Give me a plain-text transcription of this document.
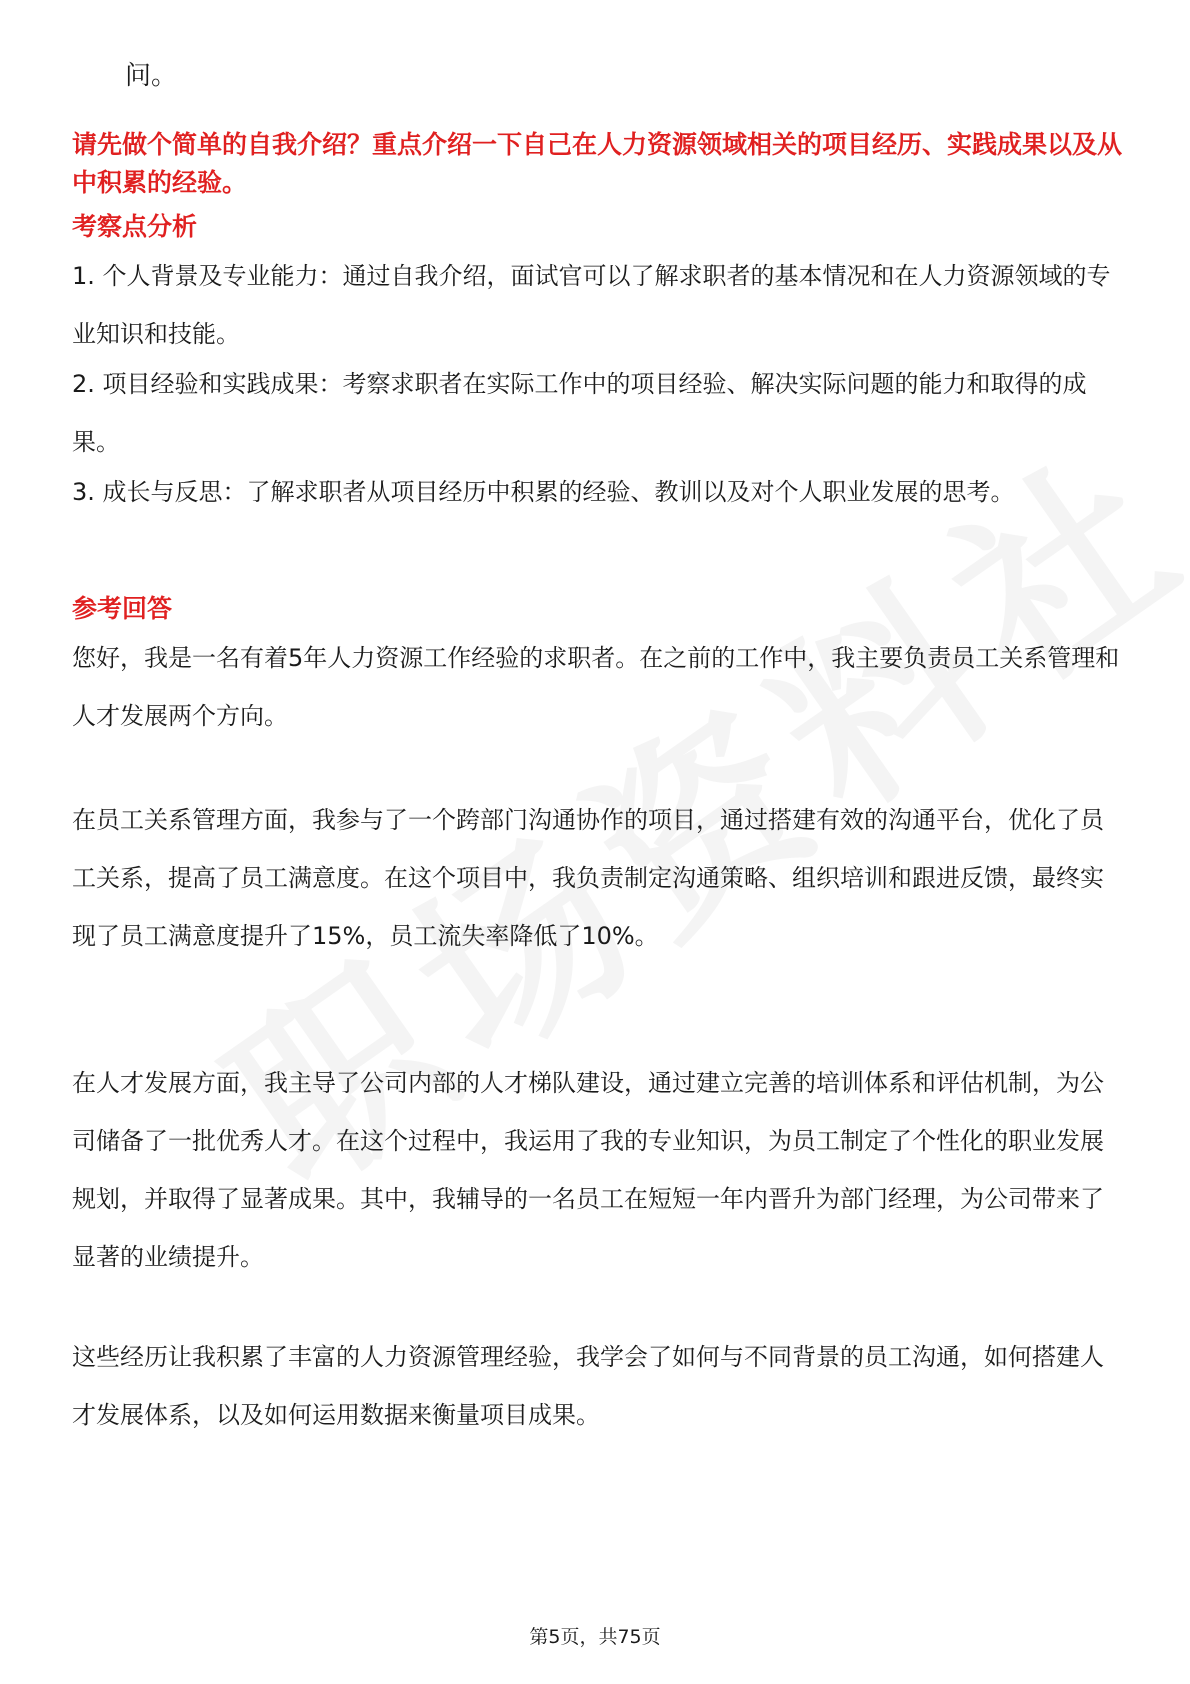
问。
请先做个简单的自我介绍？重点介绍一下自己在人力资源领域相关的项目经历、实践成果以及从中积累的经验。
考察点分析
1. 个人背景及专业能力：通过自我介绍，面试官可以了解求职者的基本情况和在人力资源领域的专业知识和技能。
2. 项目经验和实践成果：考察求职者在实际工作中的项目经验、解决实际问题的能力和取得的成果。
3. 成长与反思：了解求职者从项目经历中积累的经验、教训以及对个人职业发展的思考。
参考回答
您好，我是一名有着5年人力资源工作经验的求职者。在之前的工作中，我主要负责员工关系管理和人才发展两个方向。
在员工关系管理方面，我参与了一个跨部门沟通协作的项目，通过搭建有效的沟通平台，优化了员工关系，提高了员工满意度。在这个项目中，我负责制定沟通策略、组织培训和跟进反馈，最终实现了员工满意度提升了15%，员工流失率降低了10%。
在人才发展方面，我主导了公司内部的人才梯队建设，通过建立完善的培训体系和评估机制，为公司储备了一批优秀人才。在这个过程中，我运用了我的专业知识，为员工制定了个性化的职业发展规划，并取得了显著成果。其中，我辅导的一名员工在短短一年内晋升为部门经理，为公司带来了显著的业绩提升。
这些经历让我积累了丰富的人力资源管理经验，我学会了如何与不同背景的员工沟通，如何搭建人才发展体系，以及如何运用数据来衡量项目成果。
第5页，共75页
